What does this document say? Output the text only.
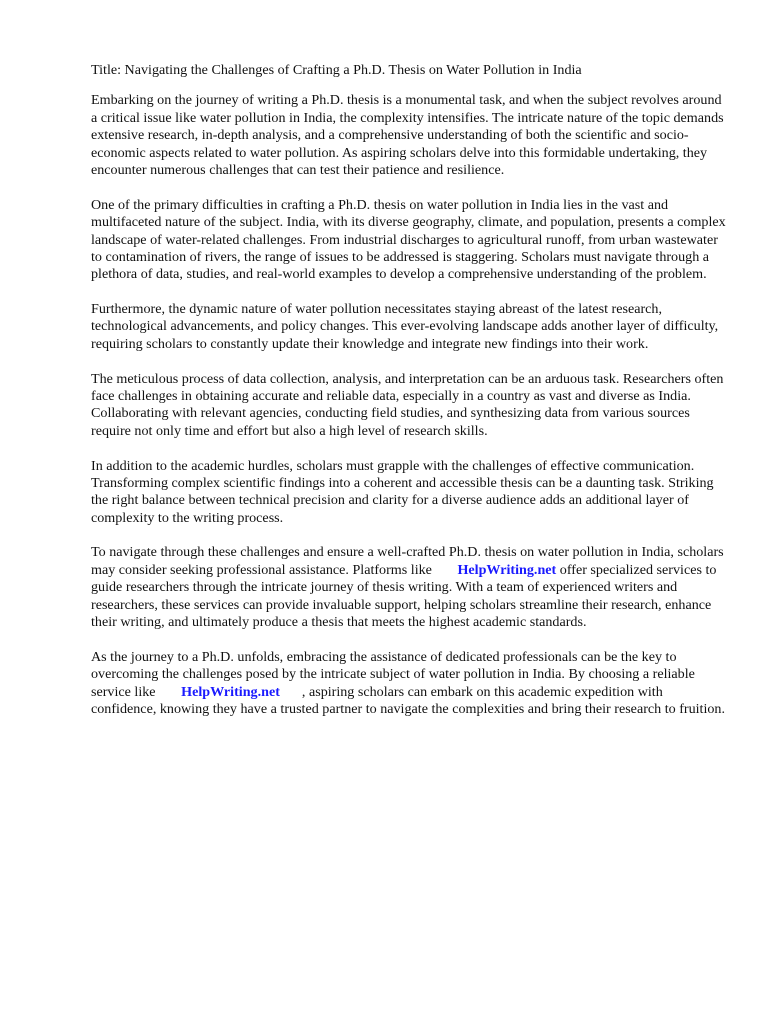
Title: Navigating the Challenges of Crafting a Ph.D. Thesis on Water Pollution in India

Embarking on the journey of writing a Ph.D. thesis is a monumental task, and when the subject revolves around a critical issue like water pollution in India, the complexity intensifies. The intricate nature of the topic demands extensive research, in-depth analysis, and a comprehensive understanding of both the scientific and socio-economic aspects related to water pollution. As aspiring scholars delve into this formidable undertaking, they encounter numerous challenges that can test their patience and resilience.

One of the primary difficulties in crafting a Ph.D. thesis on water pollution in India lies in the vast and multifaceted nature of the subject. India, with its diverse geography, climate, and population, presents a complex landscape of water-related challenges. From industrial discharges to agricultural runoff, from urban wastewater to contamination of rivers, the range of issues to be addressed is staggering. Scholars must navigate through a plethora of data, studies, and real-world examples to develop a comprehensive understanding of the problem.

Furthermore, the dynamic nature of water pollution necessitates staying abreast of the latest research, technological advancements, and policy changes. This ever-evolving landscape adds another layer of difficulty, requiring scholars to constantly update their knowledge and integrate new findings into their work.

The meticulous process of data collection, analysis, and interpretation can be an arduous task. Researchers often face challenges in obtaining accurate and reliable data, especially in a country as vast and diverse as India. Collaborating with relevant agencies, conducting field studies, and synthesizing data from various sources require not only time and effort but also a high level of research skills.

In addition to the academic hurdles, scholars must grapple with the challenges of effective communication. Transforming complex scientific findings into a coherent and accessible thesis can be a daunting task. Striking the right balance between technical precision and clarity for a diverse audience adds an additional layer of complexity to the writing process.

To navigate through these challenges and ensure a well-crafted Ph.D. thesis on water pollution in India, scholars may consider seeking professional assistance. Platforms like HelpWriting.net offer specialized services to guide researchers through the intricate journey of thesis writing. With a team of experienced writers and researchers, these services can provide invaluable support, helping scholars streamline their research, enhance their writing, and ultimately produce a thesis that meets the highest academic standards.

As the journey to a Ph.D. unfolds, embracing the assistance of dedicated professionals can be the key to overcoming the challenges posed by the intricate subject of water pollution in India. By choosing a reliable service like HelpWriting.net , aspiring scholars can embark on this academic expedition with confidence, knowing they have a trusted partner to navigate the complexities and bring their research to fruition.
